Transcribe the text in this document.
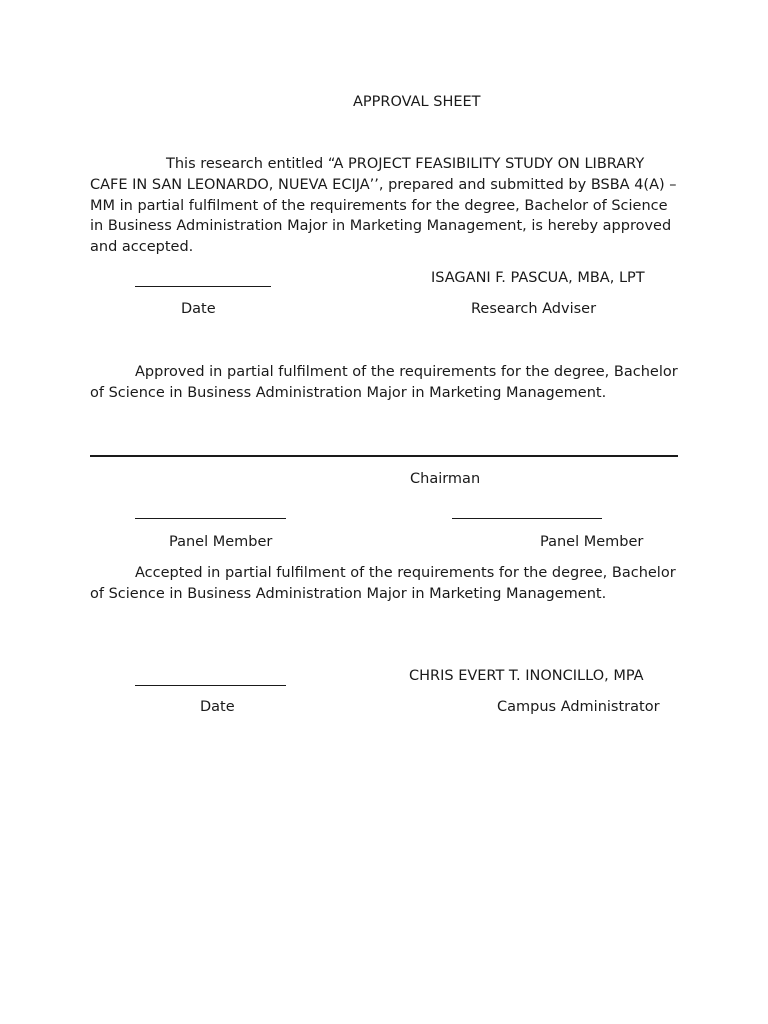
APPROVAL SHEET

This research entitled “A PROJECT FEASIBILITY STUDY ON LIBRARY CAFE IN SAN LEONARDO, NUEVA ECIJA’’, prepared and submitted by BSBA 4(A) – MM in partial fulfilment of the requirements for the degree, Bachelor of Science in Business Administration Major in Marketing Management, is hereby approved and accepted.

ISAGANI F. PASCUA, MBA, LPT
Date	Research Adviser

Approved in partial fulfilment of the requirements for the degree, Bachelor of Science in Business Administration Major in Marketing Management.

Chairman
Panel Member	Panel Member

Accepted in partial fulfilment of the requirements for the degree, Bachelor of Science in Business Administration Major in Marketing Management.

CHRIS EVERT T. INONCILLO, MPA
Date	Campus Administrator
